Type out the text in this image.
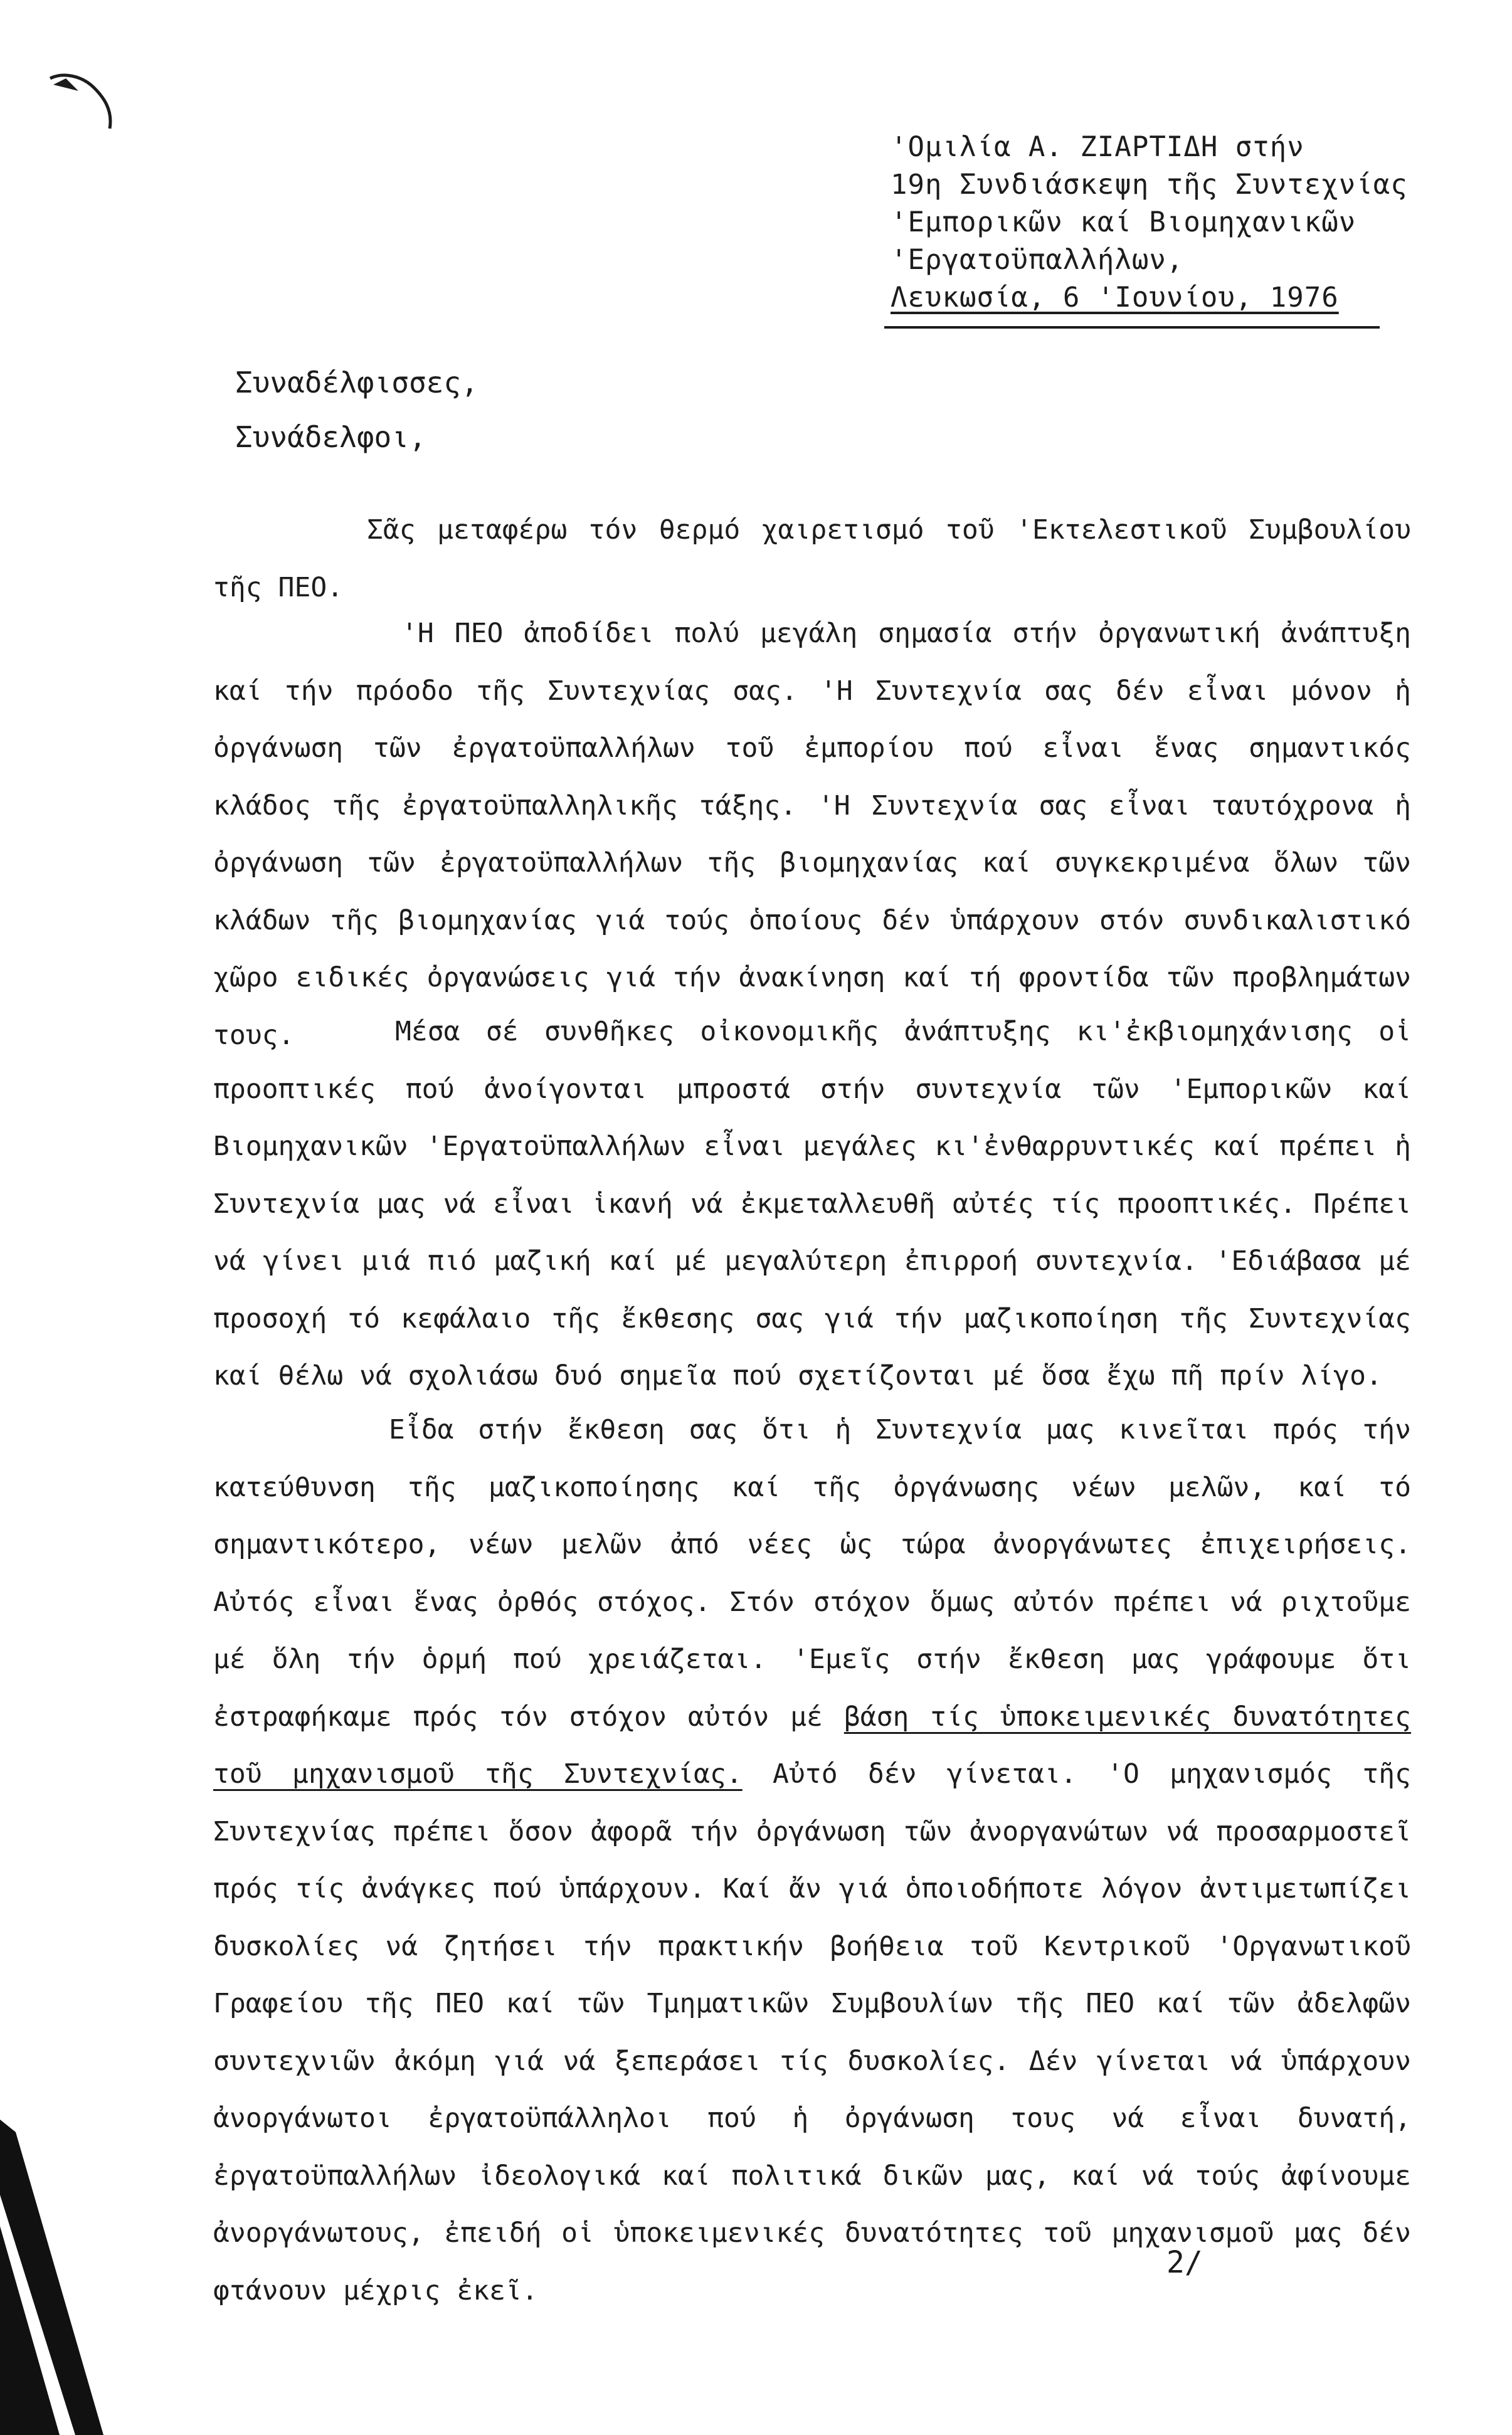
'Ομιλία Α. ΖΙΑΡΤΙΔΗ στήν
19η Συνδιάσκεψη τῆς Συντεχνίας
'Εμπορικῶν καί Βιομηχανικῶν
'Εργατοϋπαλλήλων,
Λευκωσία, 6 'Ιουνίου, 1976
Συναδέλφισσες,
Συνάδελφοι,

Σᾶς μεταφέρω τόν θερμό χαιρετισμό τοῦ 'Εκτελεστικοῦ Συμβουλίου τῆς ΠΕΟ.

'Η ΠΕΟ ἀποδίδει πολύ μεγάλη σημασία στήν ὀργανωτική ἀνάπτυξη καί τήν πρόοδο τῆς Συντεχνίας σας. 'Η Συντεχνία σας δέν εἶναι μόνον ἡ ὀργάνωση τῶν ἐργατοϋπαλλήλων τοῦ ἐμπορίου πού εἶναι ἕνας σημαντικός κλάδος τῆς ἐργατοϋπαλληλικῆς τάξης. 'Η Συντεχνία σας εἶναι ταυτόχρονα ἡ ὀργάνωση τῶν ἐργατοϋπαλλήλων τῆς βιομηχανίας καί συγκεκριμένα ὅλων τῶν κλάδων τῆς βιομηχανίας γιά τούς ὁποίους δέν ὑπάρχουν στόν συνδικαλιστικό χῶρο ειδικές ὀργανώσεις γιά τήν ἀνακίνηση καί τή φροντίδα τῶν προβλημάτων τους.	Μέσα σέ συνθῆκες οἰκονομικῆς ἀνάπτυξης κι'ἐκβιομηχάνισης οἱ προοπτικές πού ἀνοίγονται μπροστά στήν συντεχνία τῶν 'Εμπορικῶν καί Βιομηχανικῶν 'Εργατοϋπαλλήλων εἶναι μεγάλες κι'ἐνθαρρυντικές καί πρέπει ἡ Συντεχνία μας νά εἶναι ἱκανή νά ἐκμεταλλευθῆ αὐτές τίς προοπτικές. Πρέπει νά γίνει μιά πιό μαζική καί μέ μεγαλύτερη ἐπιρροή συντεχνία. 'Εδιάβασα μέ προσοχή τό κεφάλαιο τῆς ἔκθεσης σας γιά τήν μαζικοποίηση τῆς Συντεχνίας καί θέλω νά σχολιάσω δυό σημεῖα πού σχετίζονται μέ ὅσα ἔχω πῆ πρίν λίγο.

Εἶδα στήν ἔκθεση σας ὅτι ἡ Συντεχνία μας κινεῖται πρός τήν κατεύθυνση τῆς μαζικοποίησης καί τῆς ὀργάνωσης νέων μελῶν, καί τό σημαντικότερο, νέων μελῶν ἀπό νέες ὡς τώρα ἀνοργάνωτες ἐπιχειρήσεις. Αὐτός εἶναι ἕνας ὀρθός στόχος. Στόν στόχον ὅμως αὐτόν πρέπει νά ριχτοῦμε μέ ὅλη τήν ὁρμή πού χρειάζεται. 'Εμεῖς στήν ἔκθεση μας γράφουμε ὅτι ἐστραφήκαμε πρός τόν στόχον αὐτόν μέ βάση τίς ὑποκειμενικές δυνατότητες τοῦ μηχανισμοῦ τῆς Συντεχνίας. Αὐτό δέν γίνεται. 'Ο μηχανισμός τῆς Συντεχνίας πρέπει ὅσον ἀφορᾶ τήν ὀργάνωση τῶν ἀνοργανώτων νά προσαρμοστεῖ πρός τίς ἀνάγκες πού ὑπάρχουν. Καί ἄν γιά ὁποιοδήποτε λόγον ἀντιμετωπίζει δυσκολίες νά ζητήσει τήν πρακτικήν βοήθεια τοῦ Κεντρικοῦ 'Οργανωτικοῦ Γραφείου τῆς ΠΕΟ καί τῶν Τμηματικῶν Συμβουλίων τῆς ΠΕΟ καί τῶν ἀδελφῶν συντεχνιῶν ἀκόμη γιά νά ξεπεράσει τίς δυσκολίες. Δέν γίνεται νά ὑπάρχουν ἀνοργάνωτοι ἐργατοϋπάλληλοι πού ἡ ὀργάνωση τους νά εἶναι δυνατή, ἐργατοϋπαλλήλων ἰδεολογικά καί πολιτικά δικῶν μας, καί νά τούς ἀφίνουμε ἀνοργάνωτους, ἐπειδή οἱ ὑποκειμενικές δυνατότητες τοῦ μηχανισμοῦ μας δέν φτάνουν μέχρις ἐκεῖ.

2/
